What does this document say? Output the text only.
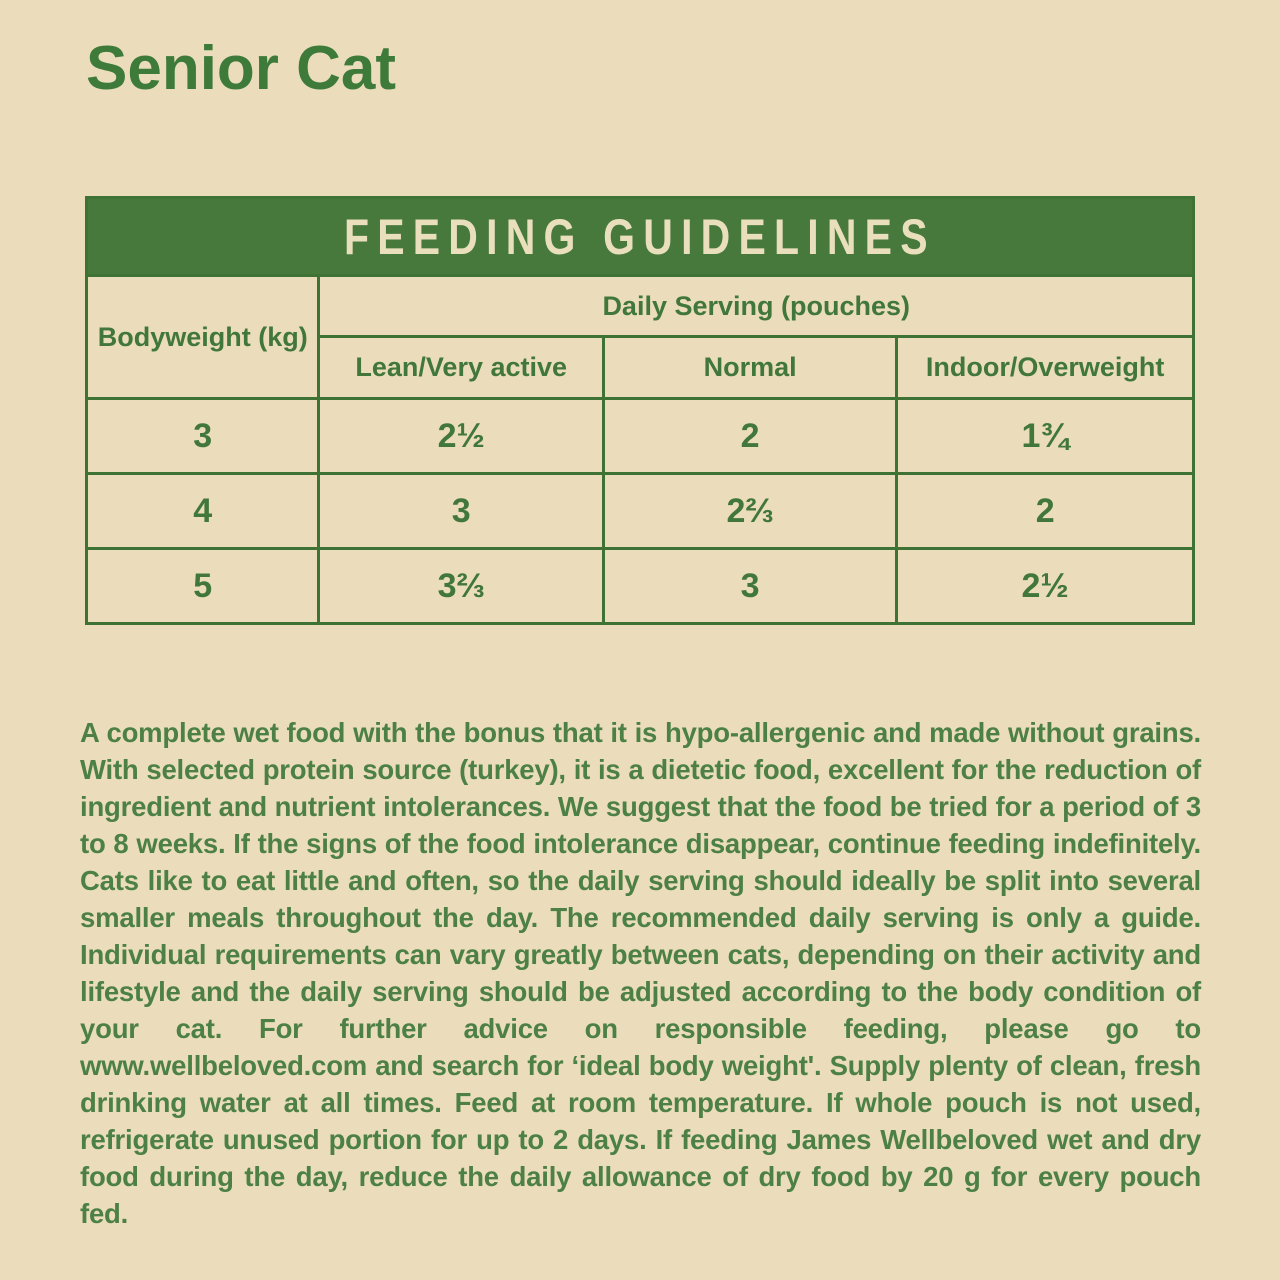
Senior Cat
FEEDING GUIDELINES			
Bodyweight (kg)	Daily Serving (pouches)		
	Lean/Very active	Normal	Indoor/Overweight
3	2½	2	1¾
4	3	2⅔	2
5	3⅔	3	2½

A complete wet food with the bonus that it is hypo-allergenic and made without grains. With selected protein source (turkey), it is a dietetic food, excellent for the reduction of ingredient and nutrient intolerances. We suggest that the food be tried for a period of 3 to 8 weeks. If the signs of the food intolerance disappear, continue feeding indefinitely. Cats like to eat little and often, so the daily serving should ideally be split into several smaller meals throughout the day. The recommended daily serving is only a guide. Individual requirements can vary greatly between cats, depending on their activity and lifestyle and the daily serving should be adjusted according to the body condition of your cat. For further advice on responsible feeding, please go to www.wellbeloved.com and search for ‘ideal body weight'. Supply plenty of clean, fresh drinking water at all times. Feed at room temperature. If whole pouch is not used, refrigerate unused portion for up to 2 days. If feeding James Wellbeloved wet and dry food during the day, reduce the daily allowance of dry food by 20 g for every pouch fed.
